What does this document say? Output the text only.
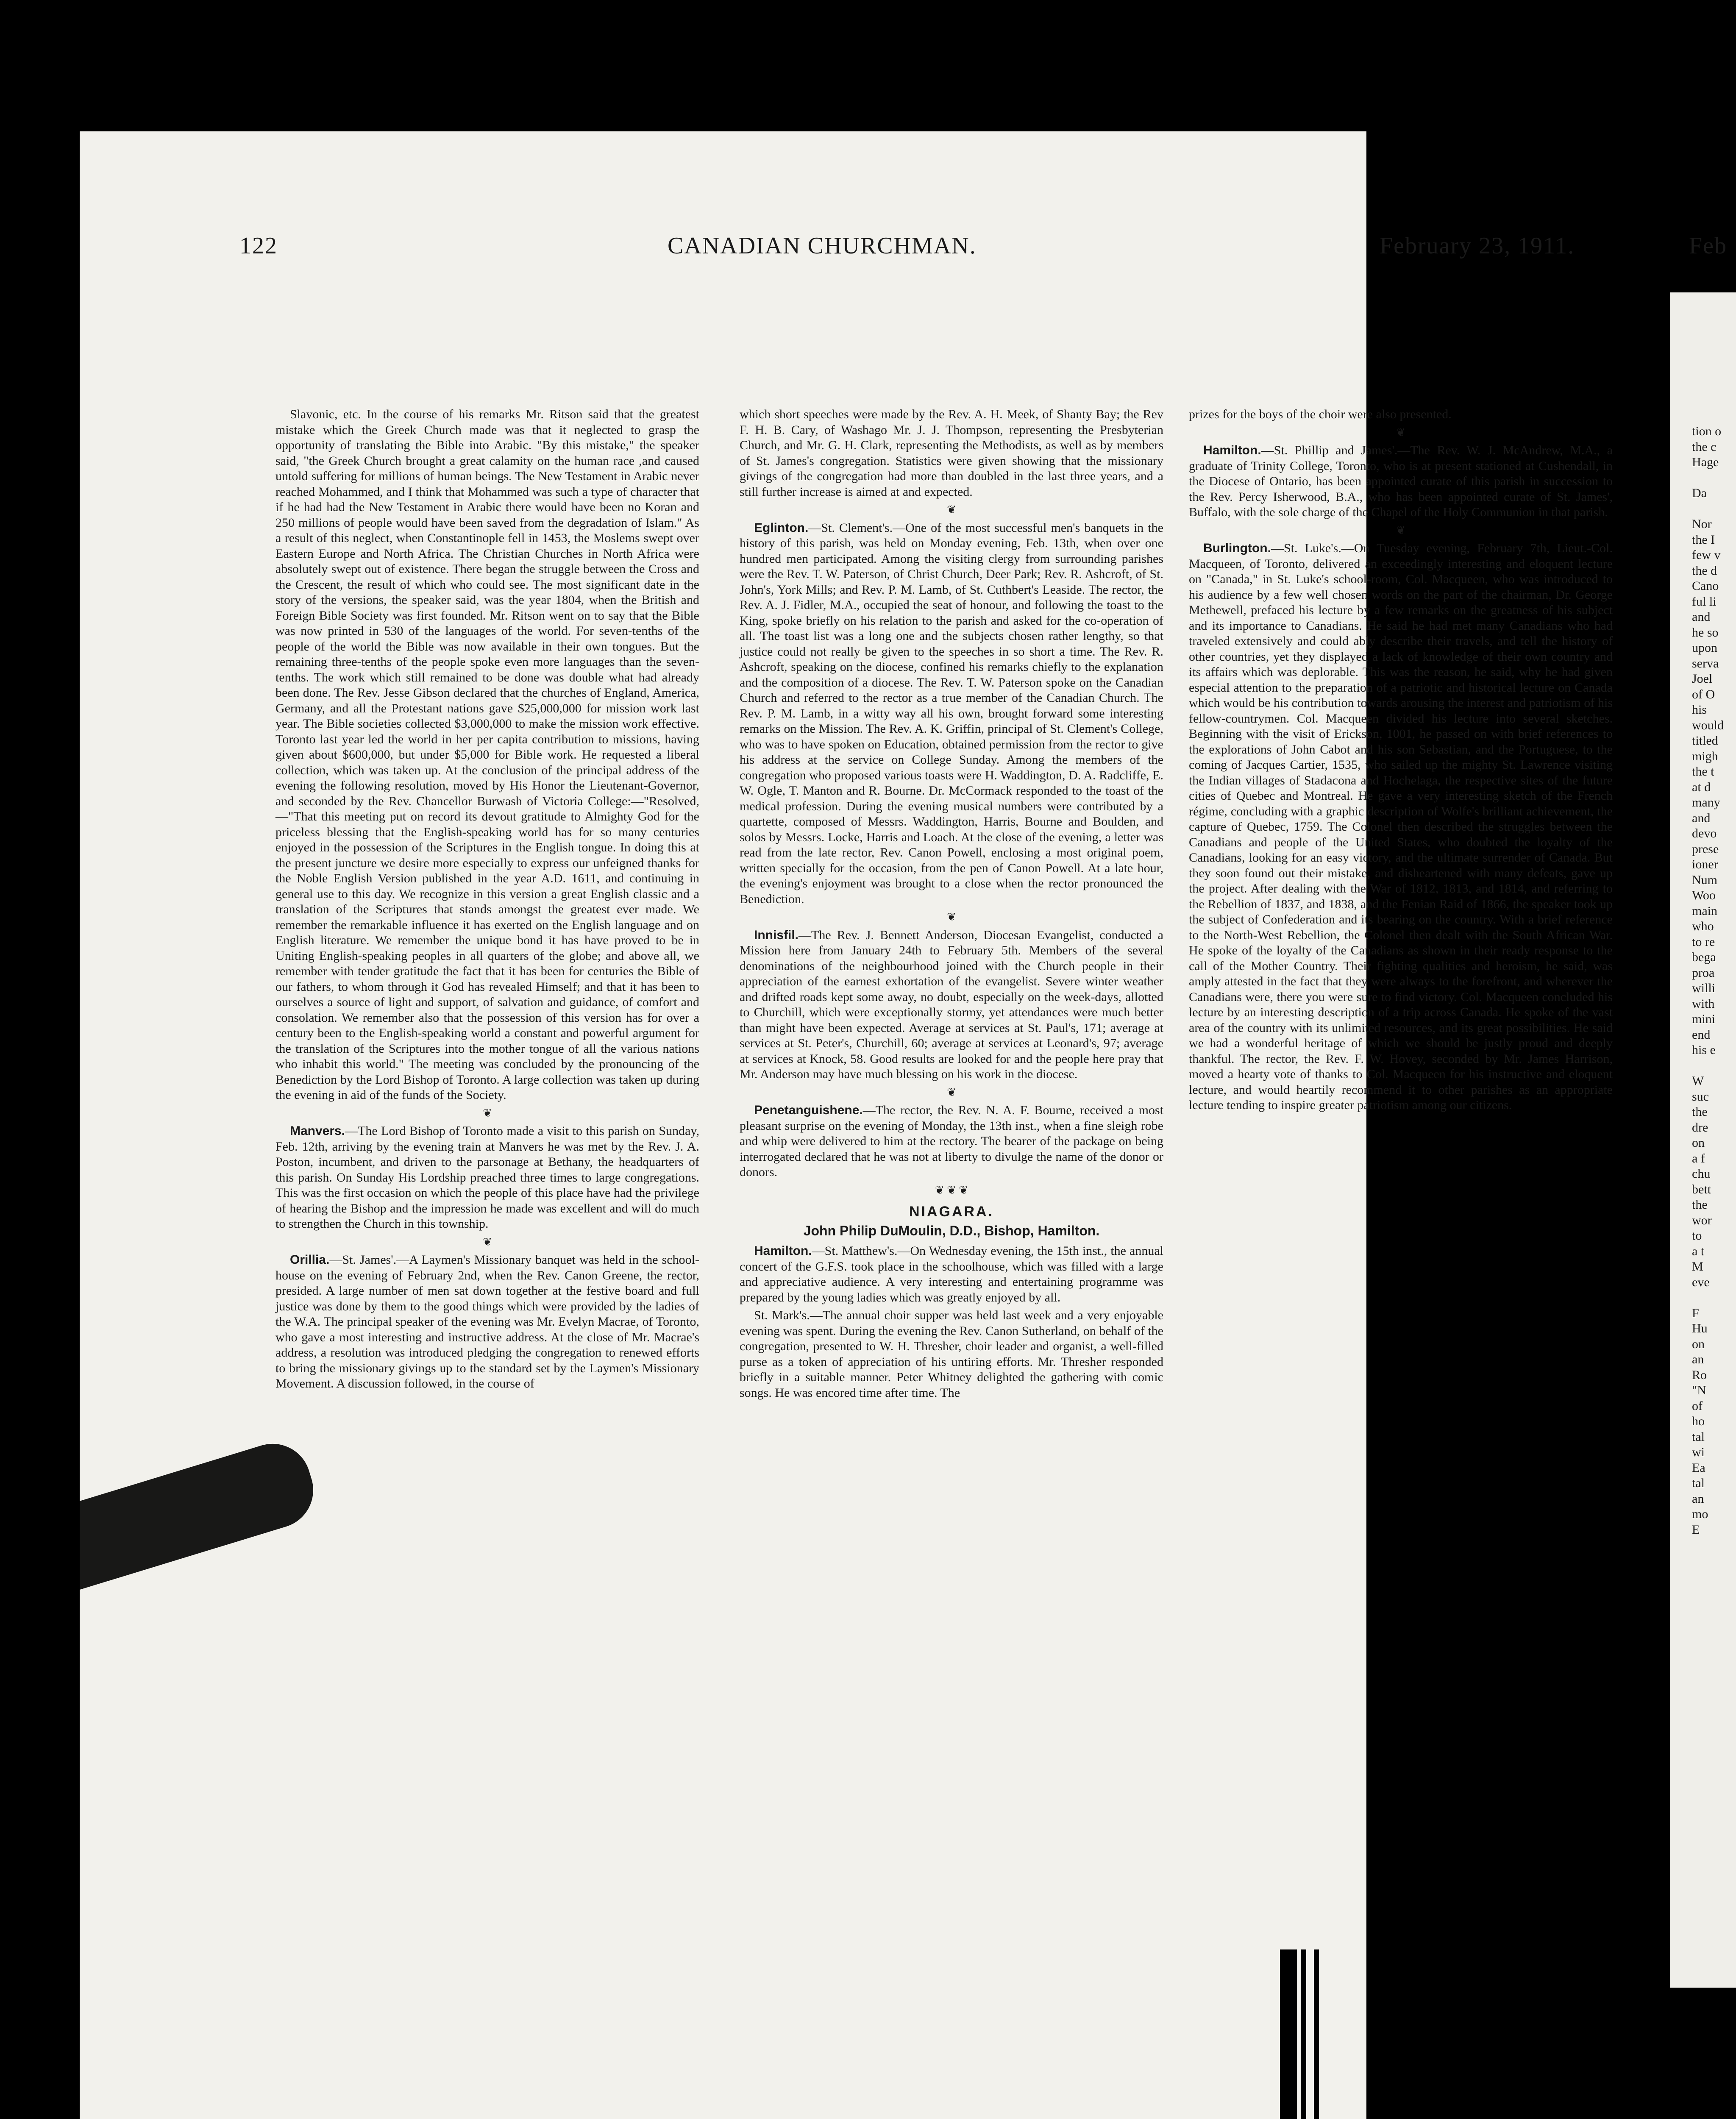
122	CANADIAN CHURCHMAN.	February 23, 1911.	Feb

Slavonic, etc. In the course of his remarks Mr. Ritson said that the greatest mistake which the Greek Church made was that it neglected to grasp the opportunity of translating the Bible into Arabic. "By this mistake," the speaker said, "the Greek Church brought a great calamity on the human race ,and caused untold suffering for millions of human beings. The New Testament in Arabic never reached Mohammed, and I think that Mohammed was such a type of character that if he had had the New Testament in Arabic there would have been no Koran and 250 millions of people would have been saved from the degradation of Islam." As a result of this neglect, when Constantinople fell in 1453, the Moslems swept over Eastern Europe and North Africa. The Christian Churches in North Africa were absolutely swept out of existence. There began the struggle between the Cross and the Crescent, the result of which who could see. The most significant date in the story of the versions, the speaker said, was the year 1804, when the British and Foreign Bible Society was first founded. Mr. Ritson went on to say that the Bible was now printed in 530 of the languages of the world. For seven-tenths of the people of the world the Bible was now available in their own tongues. But the remaining three-tenths of the people spoke even more languages than the seven-tenths. The work which still remained to be done was double what had already been done. The Rev. Jesse Gibson declared that the churches of England, America, Germany, and all the Protestant nations gave $25,000,000 for mission work last year. The Bible societies collected $3,000,000 to make the mission work effective. Toronto last year led the world in her per capita contribution to missions, having given about $600,000, but under $5,000 for Bible work. He requested a liberal collection, which was taken up. At the conclusion of the principal address of the evening the following resolution, moved by His Honor the Lieutenant-Governor, and seconded by the Rev. Chancellor Burwash of Victoria College:—"Resolved,—"That this meeting put on record its devout gratitude to Almighty God for the priceless blessing that the English-speaking world has for so many centuries enjoyed in the possession of the Scriptures in the English tongue. In doing this at the present juncture we desire more especially to express our unfeigned thanks for the Noble English Version published in the year A.D. 1611, and continuing in general use to this day. We recognize in this version a great English classic and a translation of the Scriptures that stands amongst the greatest ever made. We remember the remarkable influence it has exerted on the English language and on English literature. We remember the unique bond it has have proved to be in Uniting English-speaking peoples in all quarters of the globe; and above all, we remember with tender gratitude the fact that it has been for centuries the Bible of our fathers, to whom through it God has revealed Himself; and that it has been to ourselves a source of light and support, of salvation and guidance, of comfort and consolation. We remember also that the possession of this version has for over a century been to the English-speaking world a constant and powerful argument for the translation of the Scriptures into the mother tongue of all the various nations who inhabit this world." The meeting was concluded by the pronouncing of the Benediction by the Lord Bishop of Toronto. A large collection was taken up during the evening in aid of the funds of the Society.

❦

Manvers.—The Lord Bishop of Toronto made a visit to this parish on Sunday, Feb. 12th, arriving by the evening train at Manvers he was met by the Rev. J. A. Poston, incumbent, and driven to the parsonage at Bethany, the headquarters of this parish. On Sunday His Lordship preached three times to large congregations. This was the first occasion on which the people of this place have had the privilege of hearing the Bishop and the impression he made was excellent and will do much to strengthen the Church in this township.

❦

Orillia.—St. James'.—A Laymen's Missionary banquet was held in the school-house on the evening of February 2nd, when the Rev. Canon Greene, the rector, presided. A large number of men sat down together at the festive board and full justice was done by them to the good things which were provided by the ladies of the W.A. The principal speaker of the evening was Mr. Evelyn Macrae, of Toronto, who gave a most interesting and instructive address. At the close of Mr. Macrae's address, a resolution was introduced pledging the congregation to renewed efforts to bring the missionary givings up to the standard set by the Laymen's Missionary Movement. A discussion followed, in the course of

which short speeches were made by the Rev. A. H. Meek, of Shanty Bay; the Rev F. H. B. Cary, of Washago Mr. J. J. Thompson, representing the Presbyterian Church, and Mr. G. H. Clark, representing the Methodists, as well as by members of St. James's congregation. Statistics were given showing that the missionary givings of the congregation had more than doubled in the last three years, and a still further increase is aimed at and expected.

❦

Eglinton.—St. Clement's.—One of the most successful men's banquets in the history of this parish, was held on Monday evening, Feb. 13th, when over one hundred men participated. Among the visiting clergy from surrounding parishes were the Rev. T. W. Paterson, of Christ Church, Deer Park; Rev. R. Ashcroft, of St. John's, York Mills; and Rev. P. M. Lamb, of St. Cuthbert's Leaside. The rector, the Rev. A. J. Fidler, M.A., occupied the seat of honour, and following the toast to the King, spoke briefly on his relation to the parish and asked for the co-operation of all. The toast list was a long one and the subjects chosen rather lengthy, so that justice could not really be given to the speeches in so short a time. The Rev. R. Ashcroft, speaking on the diocese, confined his remarks chiefly to the explanation and the composition of a diocese. The Rev. T. W. Paterson spoke on the Canadian Church and referred to the rector as a true member of the Canadian Church. The Rev. P. M. Lamb, in a witty way all his own, brought forward some interesting remarks on the Mission. The Rev. A. K. Griffin, principal of St. Clement's College, who was to have spoken on Education, obtained permission from the rector to give his address at the service on College Sunday. Among the members of the congregation who proposed various toasts were H. Waddington, D. A. Radcliffe, E. W. Ogle, T. Manton and R. Bourne. Dr. McCormack responded to the toast of the medical profession. During the evening musical numbers were contributed by a quartette, composed of Messrs. Waddington, Harris, Bourne and Boulden, and solos by Messrs. Locke, Harris and Loach. At the close of the evening, a letter was read from the late rector, Rev. Canon Powell, enclosing a most original poem, written specially for the occasion, from the pen of Canon Powell. At a late hour, the evening's enjoyment was brought to a close when the rector pronounced the Benediction.

❦

Innisfil.—The Rev. J. Bennett Anderson, Diocesan Evangelist, conducted a Mission here from January 24th to February 5th. Members of the several denominations of the neighbourhood joined with the Church people in their appreciation of the earnest exhortation of the evangelist. Severe winter weather and drifted roads kept some away, no doubt, especially on the week-days, allotted to Churchill, which were exceptionally stormy, yet attendances were much better than might have been expected. Average at services at St. Paul's, 171; average at services at St. Peter's, Churchill, 60; average at services at Leonard's, 97; average at services at Knock, 58. Good results are looked for and the people here pray that Mr. Anderson may have much blessing on his work in the diocese.

❦

Penetanguishene.—The rector, the Rev. N. A. F. Bourne, received a most pleasant surprise on the evening of Monday, the 13th inst., when a fine sleigh robe and whip were delivered to him at the rectory. The bearer of the package on being interrogated declared that he was not at liberty to divulge the name of the donor or donors.

❦ ❦ ❦
NIAGARA.
John Philip DuMoulin, D.D., Bishop, Hamilton.

Hamilton.—St. Matthew's.—On Wednesday evening, the 15th inst., the annual concert of the G.F.S. took place in the schoolhouse, which was filled with a large and appreciative audience. A very interesting and entertaining programme was prepared by the young ladies which was greatly enjoyed by all.

St. Mark's.—The annual choir supper was held last week and a very enjoyable evening was spent. During the evening the Rev. Canon Sutherland, on behalf of the congregation, presented to W. H. Thresher, choir leader and organist, a well-filled purse as a token of appreciation of his untiring efforts. Mr. Thresher responded briefly in a suitable manner. Peter Whitney delighted the gathering with comic songs. He was encored time after time. The

prizes for the boys of the choir were also presented.

❦

Hamilton.—St. Phillip and James'.—The Rev. W. J. McAndrew, M.A., a graduate of Trinity College, Toronto, who is at present stationed at Cushendall, in the Diocese of Ontario, has been appointed curate of this parish in succession to the Rev. Percy Isherwood, B.A., who has been appointed curate of St. James', Buffalo, with the sole charge of the Chapel of the Holy Communion in that parish.

❦

Burlington.—St. Luke's.—On Tuesday evening, February 7th, Lieut.-Col. Macqueen, of Toronto, delivered an exceedingly interesting and eloquent lecture on "Canada," in St. Luke's school-room, Col. Macqueen, who was introduced to his audience by a few well chosen words on the part of the chairman, Dr. George Methewell, prefaced his lecture by a few remarks on the greatness of his subject and its importance to Canadians. He said he had met many Canadians who had traveled extensively and could ably describe their travels, and tell the history of other countries, yet they displayed a lack of knowledge of their own country and its affairs which was deplorable. This was the reason, he said, why he had given especial attention to the preparation of a patriotic and historical lecture on Canada which would be his contribution towards arousing the interest and patriotism of his fellow-countrymen. Col. Macqueen divided his lecture into several sketches. Beginning with the visit of Erickson, 1001, he passed on with brief references to the explorations of John Cabot and his son Sebastian, and the Portuguese, to the coming of Jacques Cartier, 1535, who sailed up the mighty St. Lawrence visiting the Indian villages of Stadacona and Hochelaga, the respective sites of the future cities of Quebec and Montreal. He gave a very interesting sketch of the French régime, concluding with a graphic description of Wolfe's brilliant achievement, the capture of Quebec, 1759. The Colonel then described the struggles between the Canadians and people of the United States, who doubted the loyalty of the Canadians, looking for an easy victory, and the ultimate surrender of Canada. But they soon found out their mistake, and disheartened with many defeats, gave up the project. After dealing with the War of 1812, 1813, and 1814, and referring to the Rebellion of 1837, and 1838, and the Fenian Raid of 1866, the speaker took up the subject of Confederation and its bearing on the country. With a brief reference to the North-West Rebellion, the Colonel then dealt with the South African War. He spoke of the loyalty of the Canadians as shown in their ready response to the call of the Mother Country. Their fighting qualities and heroism, he said, was amply attested in the fact that they were always to the forefront, and wherever the Canadians were, there you were sure to find victory. Col. Macqueen concluded his lecture by an interesting description of a trip across Canada. He spoke of the vast area of the country with its unlimited resources, and its great possibilities. He said we had a wonderful heritage of which we should be justly proud and deeply thankful. The rector, the Rev. F. W. Hovey, seconded by Mr. James Harrison, moved a hearty vote of thanks to Col. Macqueen for his instructive and eloquent lecture, and would heartily recommend it to other parishes as an appropriate lecture tending to inspire greater patriotism among our citizens.

tion o
the c
Hage

Da

Nor
the I
few v
the d
Cano
ful li
and
he so
upon
serva
Joel
of O
his
would
titled
migh
the t
at d
many
and
devo
prese
ioner
Num
Woo
main
who
to re
bega
proa
willi
with
mini
end
his e

W
suc
the
dre
on
a f
chu
bett
the
wor
to
a t
M
eve

F
Hu
on
an
Ro
"N
of
ho
tal
wi
Ea
tal
an
mo
E
